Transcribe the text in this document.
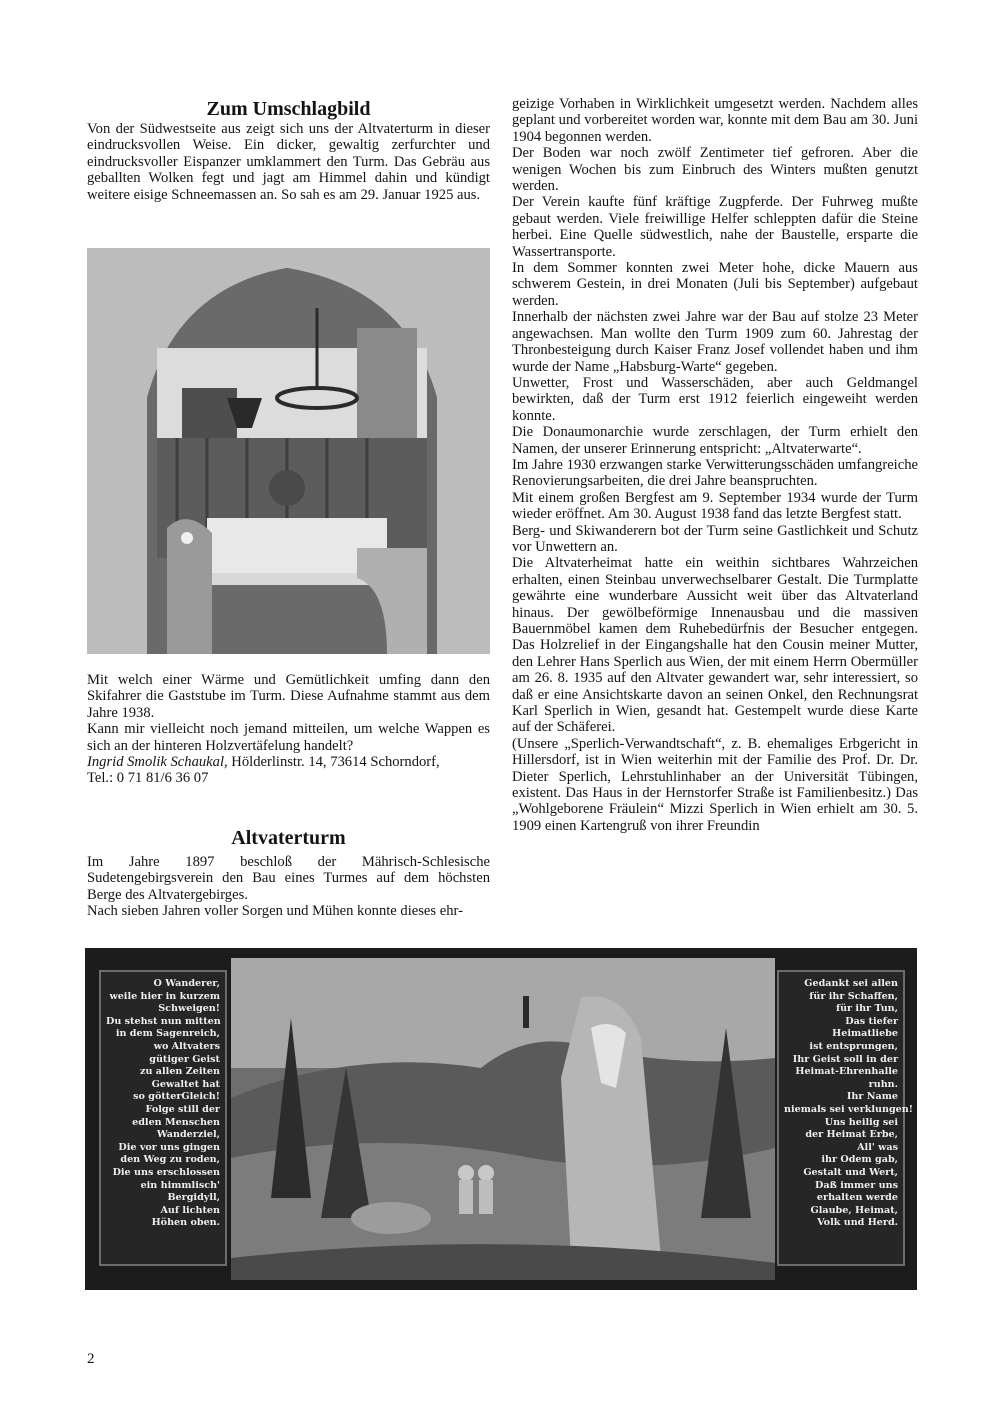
Zum Umschlagbild

Von der Südwestseite aus zeigt sich uns der Altvaterturm in dieser eindrucksvollen Weise. Ein dicker, gewaltig zerfurchter und eindrucksvoller Eispanzer umklammert den Turm. Das Gebräu aus geballten Wolken fegt und jagt am Himmel dahin und kündigt weitere eisige Schneemassen an. So sah es am 29. Januar 1925 aus.

Mit welch einer Wärme und Gemütlichkeit umfing dann den Skifahrer die Gaststube im Turm. Diese Aufnahme stammt aus dem Jahre 1938.

Kann mir vielleicht noch jemand mitteilen, um welche Wappen es sich an der hinteren Holzvertäfelung handelt?

Ingrid Smolik Schaukal, Hölderlinstr. 14, 73614 Schorndorf,

Tel.: 0 71 81/6 36 07

Altvaterturm

Im Jahre 1897 beschloß der Mährisch-Schlesische Sudetengebirgsverein den Bau eines Turmes auf dem höchsten Berge des Altvatergebirges.

Nach sieben Jahren voller Sorgen und Mühen konnte dieses ehr-

geizige Vorhaben in Wirklichkeit umgesetzt werden. Nachdem alles geplant und vorbereitet worden war, konnte mit dem Bau am 30. Juni 1904 begonnen werden.

Der Boden war noch zwölf Zentimeter tief gefroren. Aber die wenigen Wochen bis zum Einbruch des Winters mußten genutzt werden.

Der Verein kaufte fünf kräftige Zugpferde. Der Fuhrweg mußte gebaut werden. Viele freiwillige Helfer schleppten dafür die Steine herbei. Eine Quelle südwestlich, nahe der Baustelle, ersparte die Wassertransporte.

In dem Sommer konnten zwei Meter hohe, dicke Mauern aus schwerem Gestein, in drei Monaten (Juli bis September) aufgebaut werden.

Innerhalb der nächsten zwei Jahre war der Bau auf stolze 23 Meter angewachsen. Man wollte den Turm 1909 zum 60. Jahrestag der Thronbesteigung durch Kaiser Franz Josef vollendet haben und ihm wurde der Name „Habsburg-Warte“ gegeben.

Unwetter, Frost und Wasserschäden, aber auch Geldmangel bewirkten, daß der Turm erst 1912 feierlich eingeweiht werden konnte.

Die Donaumonarchie wurde zerschlagen, der Turm erhielt den Namen, der unserer Erinnerung entspricht: „Altvaterwarte“.

Im Jahre 1930 erzwangen starke Verwitterungsschäden umfangreiche Renovierungsarbeiten, die drei Jahre beanspruchten.

Mit einem großen Bergfest am 9. September 1934 wurde der Turm wieder eröffnet. Am 30. August 1938 fand das letzte Bergfest statt.

Berg- und Skiwanderern bot der Turm seine Gastlichkeit und Schutz vor Unwettern an.

Die Altvaterheimat hatte ein weithin sichtbares Wahrzeichen erhalten, einen Steinbau unverwechselbarer Gestalt. Die Turmplatte gewährte eine wunderbare Aussicht weit über das Altvaterland hinaus. Der gewölbeförmige Innenausbau und die massiven Bauernmöbel kamen dem Ruhebedürfnis der Besucher entgegen. Das Holzrelief in der Eingangshalle hat den Cousin meiner Mutter, den Lehrer Hans Sperlich aus Wien, der mit einem Herrn Obermüller am 26. 8. 1935 auf den Altvater gewandert war, sehr interessiert, so daß er eine Ansichtskarte davon an seinen Onkel, den Rechnungsrat Karl Sperlich in Wien, gesandt hat. Gestempelt wurde diese Karte auf der Schäferei.

(Unsere „Sperlich-Verwandtschaft“, z. B. ehemaliges Erbgericht in Hillersdorf, ist in Wien weiterhin mit der Familie des Prof. Dr. Dr. Dieter Sperlich, Lehrstuhlinhaber an der Universität Tübingen, existent. Das Haus in der Hernstorfer Straße ist Familienbesitz.) Das „Wohlgeborene Fräulein“ Mizzi Sperlich in Wien erhielt am 30. 5. 1909 einen Kartengruß von ihrer Freundin

O Wanderer,
weile hier in kurzem
Schweigen!
Du stehst nun mitten
in dem Sagenreich,
wo Altvaters
gütiger Geist
zu allen Zeiten
Gewaltet hat
so götterGleich!
Folge still der
edlen Menschen
Wanderziel,
Die vor uns gingen
den Weg zu roden,
Die uns erschlossen
ein himmlisch'
Bergidyll,
Auf lichten
Höhen oben.
Gedankt sei allen
für ihr Schaffen,
für ihr Tun,
Das tiefer
Heimatliebe
ist entsprungen,
Ihr Geist soll in der
Heimat-Ehrenhalle
ruhn.
Ihr Name
niemals sei verklungen!
Uns heilig sei
der Heimat Erbe,
All' was
ihr Odem gab,
Gestalt und Wert,
Daß immer uns
erhalten werde
Glaube, Heimat,
Volk und Herd.
2
